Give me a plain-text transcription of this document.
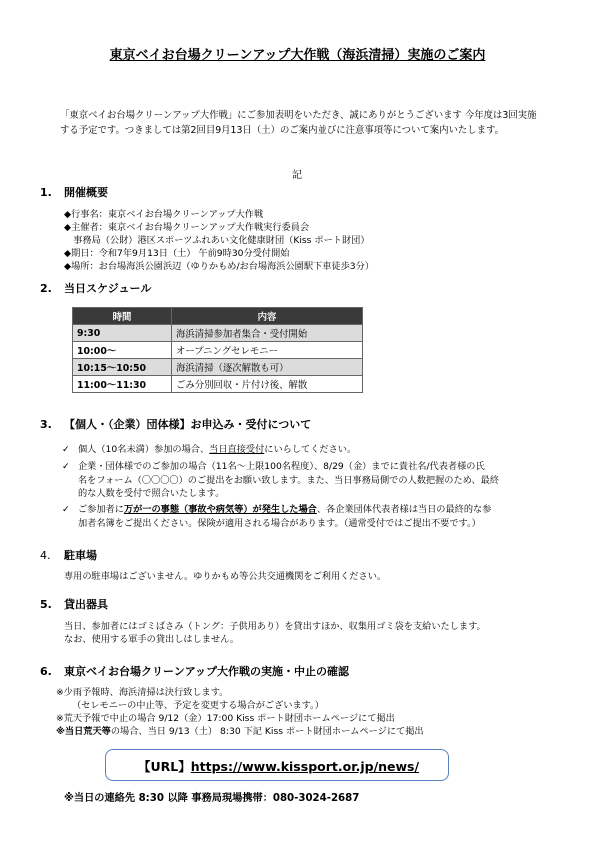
東京ベイお台場クリーンアップ大作戦（海浜清掃）実施のご案内
「東京ベイお台場クリーンアップ大作戦」にご参加表明をいただき、誠にありがとうございます 今年度は3回実施する予定です。つきましては第2回目9月13日（土）のご案内並びに注意事項等について案内いたします。
記
1. 開催概要
◆行事名：東京ベイお台場クリーンアップ大作戦
◆主催者：東京ベイお台場クリーンアップ大作戦実行委員会
　事務局（公財）港区スポーツふれあい文化健康財団（Kiss ポート財団）
◆期日：令和7年9月13日（土） 午前9時30分受付開始
◆場所：お台場海浜公園浜辺（ゆりかもめ/お台場海浜公園駅下車徒歩3分）
2. 当日スケジュール
時間	内容
9:30	海浜清掃参加者集合・受付開始
10:00～	オープニングセレモニー
10:15～10:50	海浜清掃（逐次解散も可）
11:00～11:30	ごみ分別回収・片付け後、解散
3. 【個人・（企業）団体様】お申込み・受付について
✓ 個人（10名未満）参加の場合、当日直接受付にいらしてください。
✓ 企業・団体様でのご参加の場合（11名～上限100名程度）、8/29（金）までに貴社名/代表者様の氏
名をフォーム（〇〇〇〇）のご提出をお願い致します。また、当日事務局側での人数把握のため、最終
的な人数を受付で照合いたします。
✓ ご参加者に万が一の事態（事故や病気等）が発生した場合、各企業団体代表者様は当日の最終的な参
加者名簿をご提出ください。保険が適用される場合があります。（通常受付ではご提出不要です。）
4. 駐車場
専用の駐車場はございません。ゆりかもめ等公共交通機関をご利用ください。
5. 貸出器具
当日、参加者にはゴミばさみ（トング：子供用あり）を貸出すほか、収集用ゴミ袋を支給いたします。
なお、使用する軍手の貸出しはしません。
6. 東京ベイお台場クリーンアップ大作戦の実施・中止の確認
※少雨予報時、海浜清掃は決行致します。
（セレモニーの中止等、予定を変更する場合がございます。）
※荒天予報で中止の場合 9/12（金）17:00 Kiss ポート財団ホームページにて掲出
※当日荒天等の場合、当日 9/13（土） 8:30 下記 Kiss ポート財団ホームページにて掲出
【URL】https://www.kissport.or.jp/news/
※当日の連絡先 8:30 以降 事務局現場携帯：080-3024-2687
